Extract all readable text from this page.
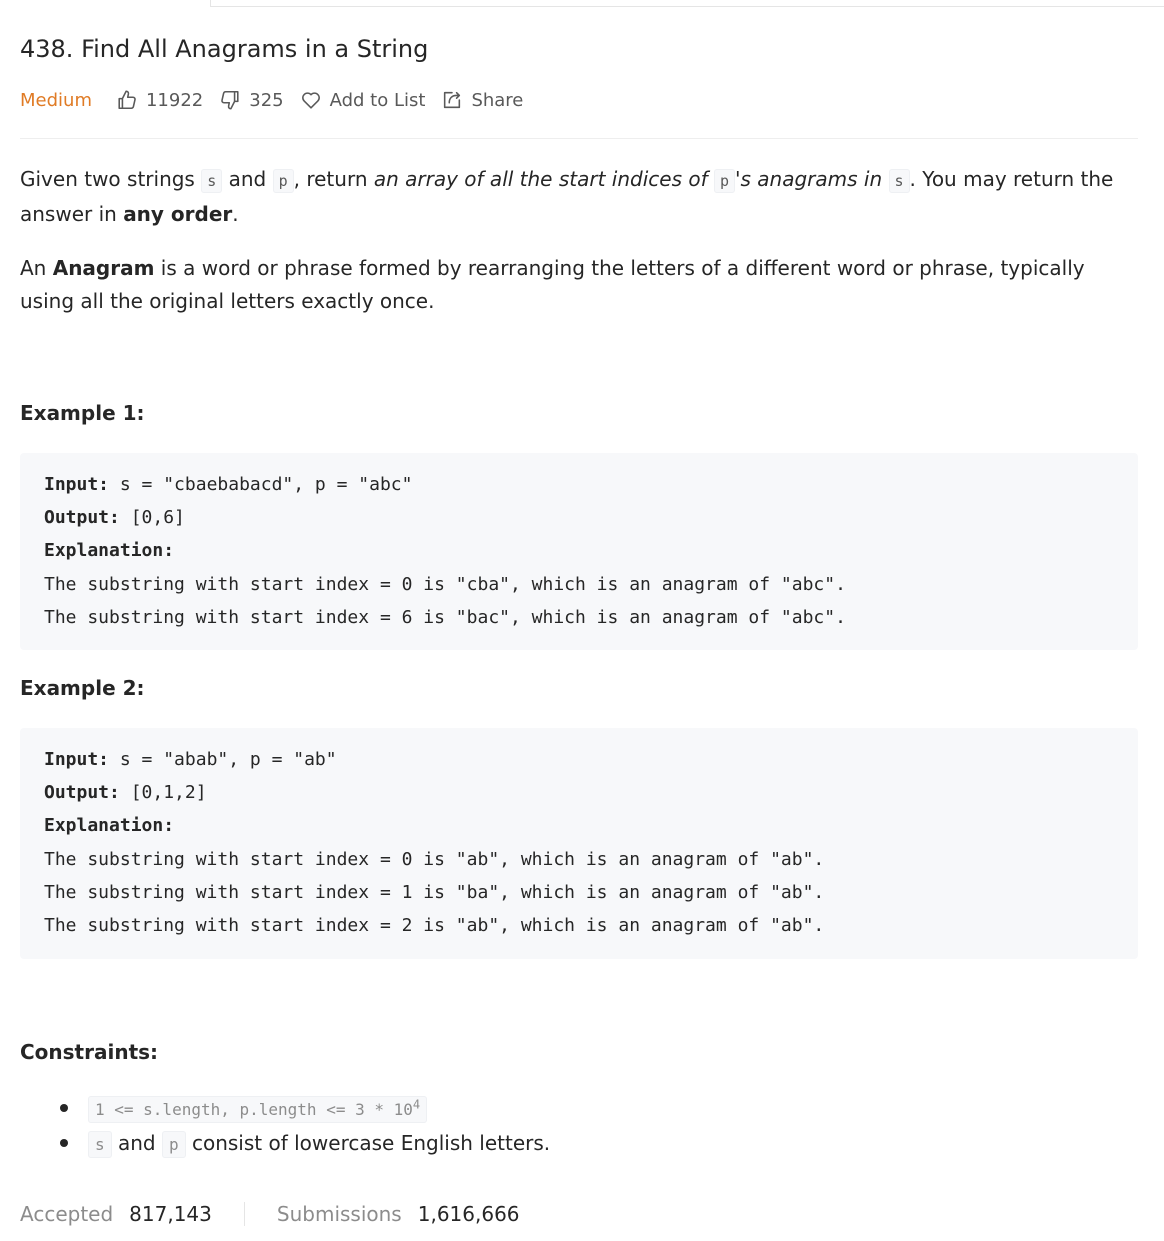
438. Find All Anagrams in a String
Medium	11922	325	Add to List	Share
Given two strings s and p , return an array of all the start indices of p 's anagrams in s . You may return the answer in any order.
An Anagram is a word or phrase formed by rearranging the letters of a different word or phrase, typically using all the original letters exactly once.
Example 1:
Input: s = "cbaebabacd", p = "abc"
Output: [0,6]
Explanation:
The substring with start index = 0 is "cba", which is an anagram of "abc".
The substring with start index = 6 is "bac", which is an anagram of "abc".
Example 2:
Input: s = "abab", p = "ab"
Output: [0,1,2]
Explanation:
The substring with start index = 0 is "ab", which is an anagram of "ab".
The substring with start index = 1 is "ba", which is an anagram of "ab".
The substring with start index = 2 is "ab", which is an anagram of "ab".
Constraints:
1 <= s.length, p.length <= $3 * 10^4$
s and p consist of lowercase English letters.
Accepted 817,143	Submissions 1,616,666
